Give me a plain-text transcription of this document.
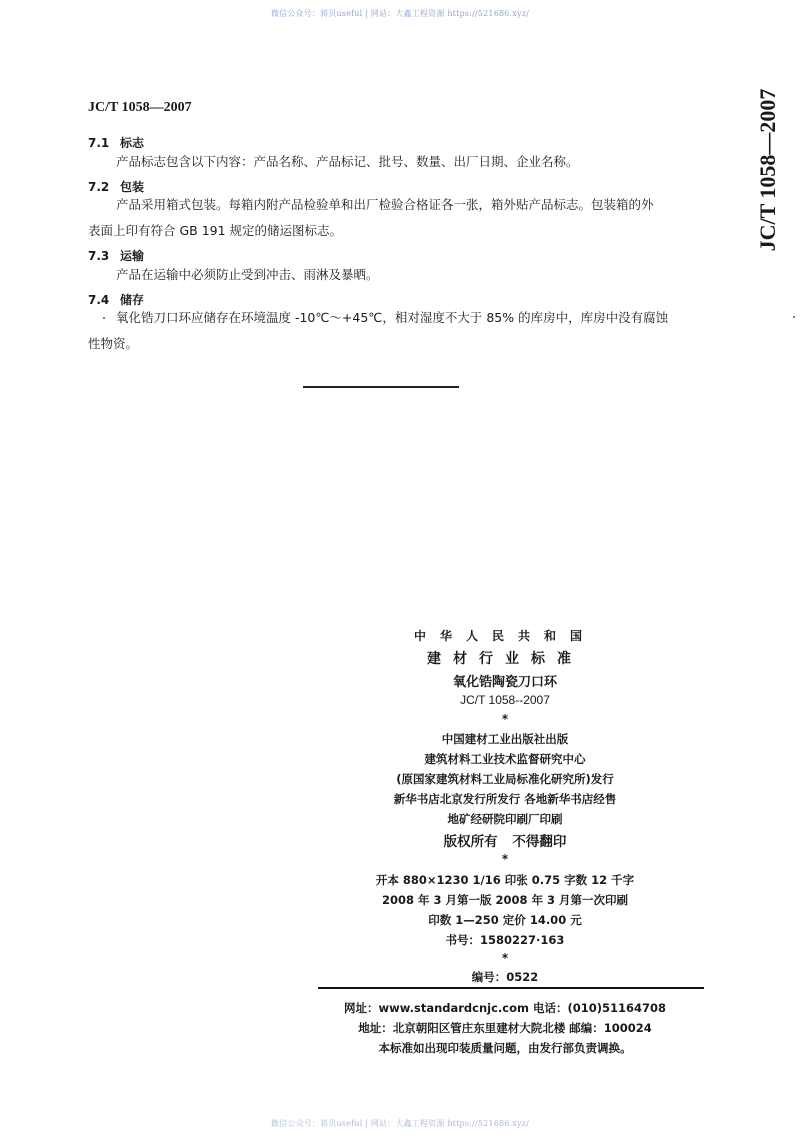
微信公众号：蒋贝useful | 网站：大鑫工程资源 https://521686.xyz/
JC/T 1058—2007	JC/T 1058—2007
7.1 标志
产品标志包含以下内容：产品名称、产品标记、批号、数量、出厂日期、企业名称。
7.2 包装
产品采用箱式包装。每箱内附产品检验单和出厂检验合格证各一张，箱外贴产品标志。包装箱的外
表面上印有符合 GB 191 规定的储运图标志。
7.3 运输
产品在运输中必须防止受到冲击、雨淋及暴晒。
7.4 储存
氧化锆刀口环应储存在环境温度 -10℃～+45℃，相对湿度不大于 85% 的库房中，库房中没有腐蚀
性物资。
中华人民共和国
建材行业标准
氧化锆陶瓷刀口环
JC/T 1058--2007
*
中国建材工业出版社出版
建筑材料工业技术监督研究中心
(原国家建筑材料工业局标准化研究所)发行
新华书店北京发行所发行 各地新华书店经售
地矿经研院印刷厂印刷
版权所有 不得翻印
*
开本 880×1230 1/16 印张 0.75 字数 12 千字
2008 年 3 月第一版 2008 年 3 月第一次印刷
印数 1—250 定价 14.00 元
书号：1580227·163
*
编号：0522
网址：www.standardcnjc.com 电话：(010)51164708
地址：北京朝阳区管庄东里建材大院北楼 邮编：100024
本标准如出现印装质量问题，由发行部负责调换。
微信公众号：蒋贝useful | 网站：大鑫工程资源 https://521686.xyz/
